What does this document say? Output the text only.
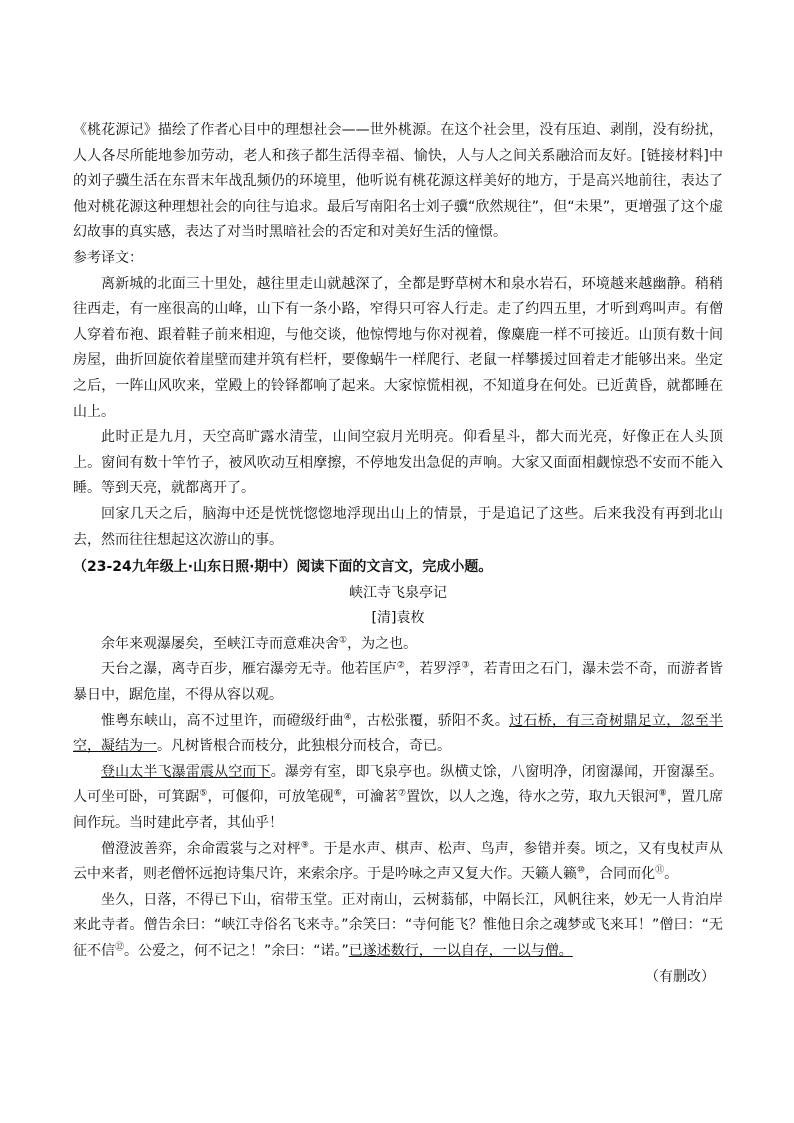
《桃花源记》描绘了作者心目中的理想社会——世外桃源。在这个社会里，没有压迫、剥削，没有纷扰，人人各尽所能地参加劳动，老人和孩子都生活得幸福、愉快，人与人之间关系融洽而友好。[链接材料]中的刘子骥生活在东晋末年战乱频仍的环境里，他听说有桃花源这样美好的地方，于是高兴地前往，表达了他对桃花源这种理想社会的向往与追求。最后写南阳名士刘子骥“欣然规往”，但“未果”，更增强了这个虚幻故事的真实感，表达了对当时黑暗社会的否定和对美好生活的憧憬。

参考译文：

离新城的北面三十里处，越往里走山就越深了，全都是野草树木和泉水岩石，环境越来越幽静。稍稍往西走，有一座很高的山峰，山下有一条小路，窄得只可容人行走。走了约四五里，才听到鸡叫声。有僧人穿着布袍、跟着鞋子前来相迎，与他交谈，他惊愕地与你对视着，像麋鹿一样不可接近。山顶有数十间房屋，曲折回旋依着崖壁而建并筑有栏杆，要像蜗牛一样爬行、老鼠一样攀援过回着走才能够出来。坐定之后，一阵山风吹来，堂殿上的铃铎都响了起来。大家惊慌相视，不知道身在何处。已近黄昏，就都睡在山上。

此时正是九月，天空高旷露水清莹，山间空寂月光明亮。仰看星斗，都大而光亮，好像正在人头顶上。窗间有数十竿竹子，被风吹动互相摩擦，不停地发出急促的声响。大家又面面相觑惊恐不安而不能入睡。等到天亮，就都离开了。

回家几天之后，脑海中还是恍恍惚惚地浮现出山上的情景，于是追记了这些。后来我没有再到北山去，然而往往想起这次游山的事。

（23-24九年级上·山东日照·期中）阅读下面的文言文，完成小题。

峡江寺飞泉亭记

[清]袁枚

余年来观瀑屡矣，至峡江寺而意难决舍①，为之也。

天台之瀑，离寺百步，雁宕瀑旁无寺。他若匡庐②，若罗浮③，若青田之石门，瀑未尝不奇，而游者皆暴日中，踞危崖，不得从容以观。

惟粤东峡山，高不过里许，而磴级纡曲④，古松张覆，骄阳不炙。过石桥，有三奇树鼎足立，忽至半空，凝结为一。凡树皆根合而枝分，此独根分而枝合，奇已。

登山太半飞瀑雷震从空而下。瀑旁有室，即飞泉亭也。纵横丈馀，八窗明净，闭窗瀑闻，开窗瀑至。人可坐可卧，可箕踞⑤，可偃仰，可放笔砚⑥，可瀹茗⑦置饮，以人之逸，待水之劳，取九天银河⑧，置几席间作玩。当时建此亭者，其仙乎！

僧澄波善弈，余命霞裳与之对枰⑨。于是水声、棋声、松声、鸟声，参错并奏。顷之，又有曳杖声从云中来者，则老僧怀远抱诗集尺许，来索余序。于是吟咏之声又复大作。天籁人籁⑩，合同而化⑪。

坐久，日落，不得已下山，宿带玉堂。正对南山，云树蓊郁，中隔长江，风帆往来，妙无一人肯泊岸来此寺者。僧告余曰：“峡江寺俗名飞来寺。”余笑曰：“寺何能飞？惟他日余之魂梦或飞来耳！”僧曰：“无征不信⑫。公爱之，何不记之！”余曰：“诺。”已遂述数行，一以自存，一以与僧。

（有删改）
